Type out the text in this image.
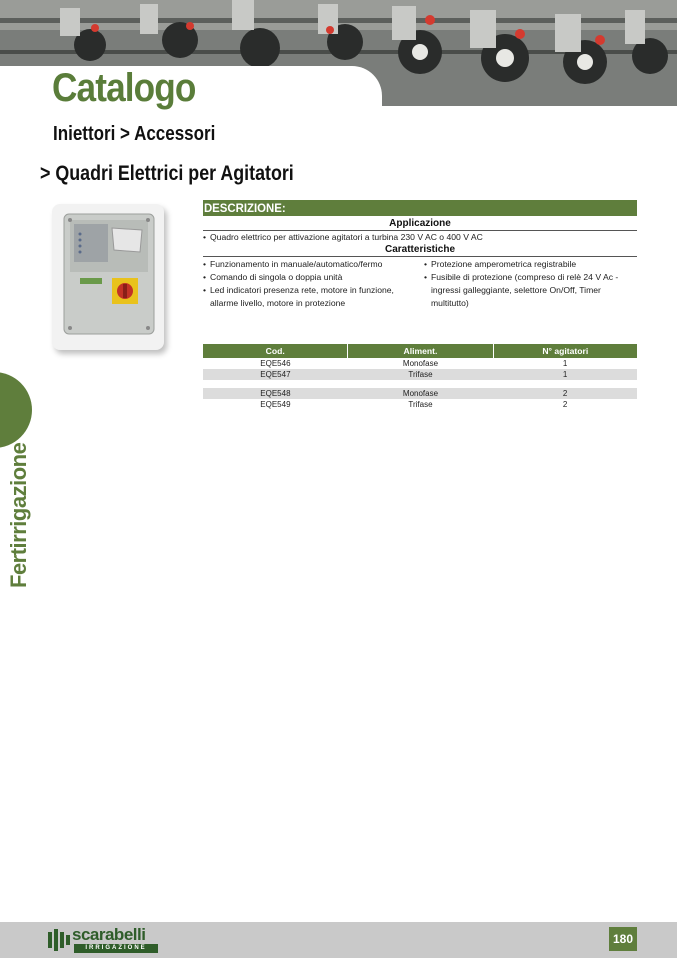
Catalogo
Iniettori > Accessori
> Quadri Elettrici per Agitatori
DESCRIZIONE:
Applicazione
• Quadro elettrico per attivazione agitatori a turbina 230 V AC o 400 V AC
Caratteristiche
• Funzionamento in manuale/automatico/fermo
• Comando di singola o doppia unità
• Led indicatori presenza rete, motore in funzione, allarme livello, motore in protezione
• Protezione amperometrica registrabile
• Fusibile di protezione (compreso di relè 24 V Ac - ingressi galleggiante, selettore On/Off, Timer multitutto)
Cod.	Aliment.	N° agitatori
EQE546	Monofase	1
EQE547	Trifase	1

EQE548	Monofase	2
EQE549	Trifase	2

Fertirrigazione

scarabelli
IRRIGAZIONE
180
